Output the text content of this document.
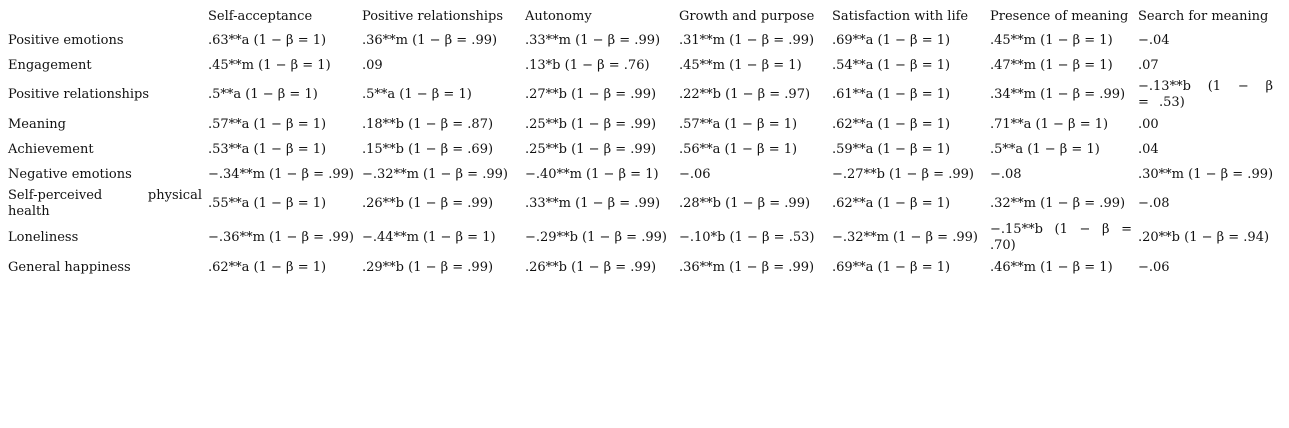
	Self-acceptance	Positive relationships	Autonomy	Growth and purpose	Satisfaction with life	Presence of meaning	Search for meaning
Positive emotions	.63**a (1 − β = 1)	.36**m (1 − β = .99)	.33**m (1 − β = .99)	.31**m (1 − β = .99)	.69**a (1 − β = 1)	.45**m (1 − β = 1)	−.04
Engagement	.45**m (1 − β = 1)	.09	.13*b (1 − β = .76)	.45**m (1 − β = 1)	.54**a (1 − β = 1)	.47**m (1 − β = 1)	.07
Positive relationships	.5**a (1 − β = 1)	.5**a (1 − β = 1)	.27**b (1 − β = .99)	.22**b (1 − β = .97)	.61**a (1 − β = 1)	.34**m (1 − β = .99)	−.13**b (1 − β = .53)
Meaning	.57**a (1 − β = 1)	.18**b (1 − β = .87)	.25**b (1 − β = .99)	.57**a (1 − β = 1)	.62**a (1 − β = 1)	.71**a (1 − β = 1)	.00
Achievement	.53**a (1 − β = 1)	.15**b (1 − β = .69)	.25**b (1 − β = .99)	.56**a (1 − β = 1)	.59**a (1 − β = 1)	.5**a (1 − β = 1)	.04
Negative emotions	−.34**m (1 − β = .99)	−.32**m (1 − β = .99)	−.40**m (1 − β = 1)	−.06	−.27**b (1 − β = .99)	−.08	.30**m (1 − β = .99)
Self-perceived physical health	.55**a (1 − β = 1)	.26**b (1 − β = .99)	.33**m (1 − β = .99)	.28**b (1 − β = .99)	.62**a (1 − β = 1)	.32**m (1 − β = .99)	−.08
Loneliness	−.36**m (1 − β = .99)	−.44**m (1 − β = 1)	−.29**b (1 − β = .99)	−.10*b (1 − β = .53)	−.32**m (1 − β = .99)	−.15**b (1 − β = .70)	.20**b (1 − β = .94)
General happiness	.62**a (1 − β = 1)	.29**b (1 − β = .99)	.26**b (1 − β = .99)	.36**m (1 − β = .99)	.69**a (1 − β = 1)	.46**m (1 − β = 1)	−.06
